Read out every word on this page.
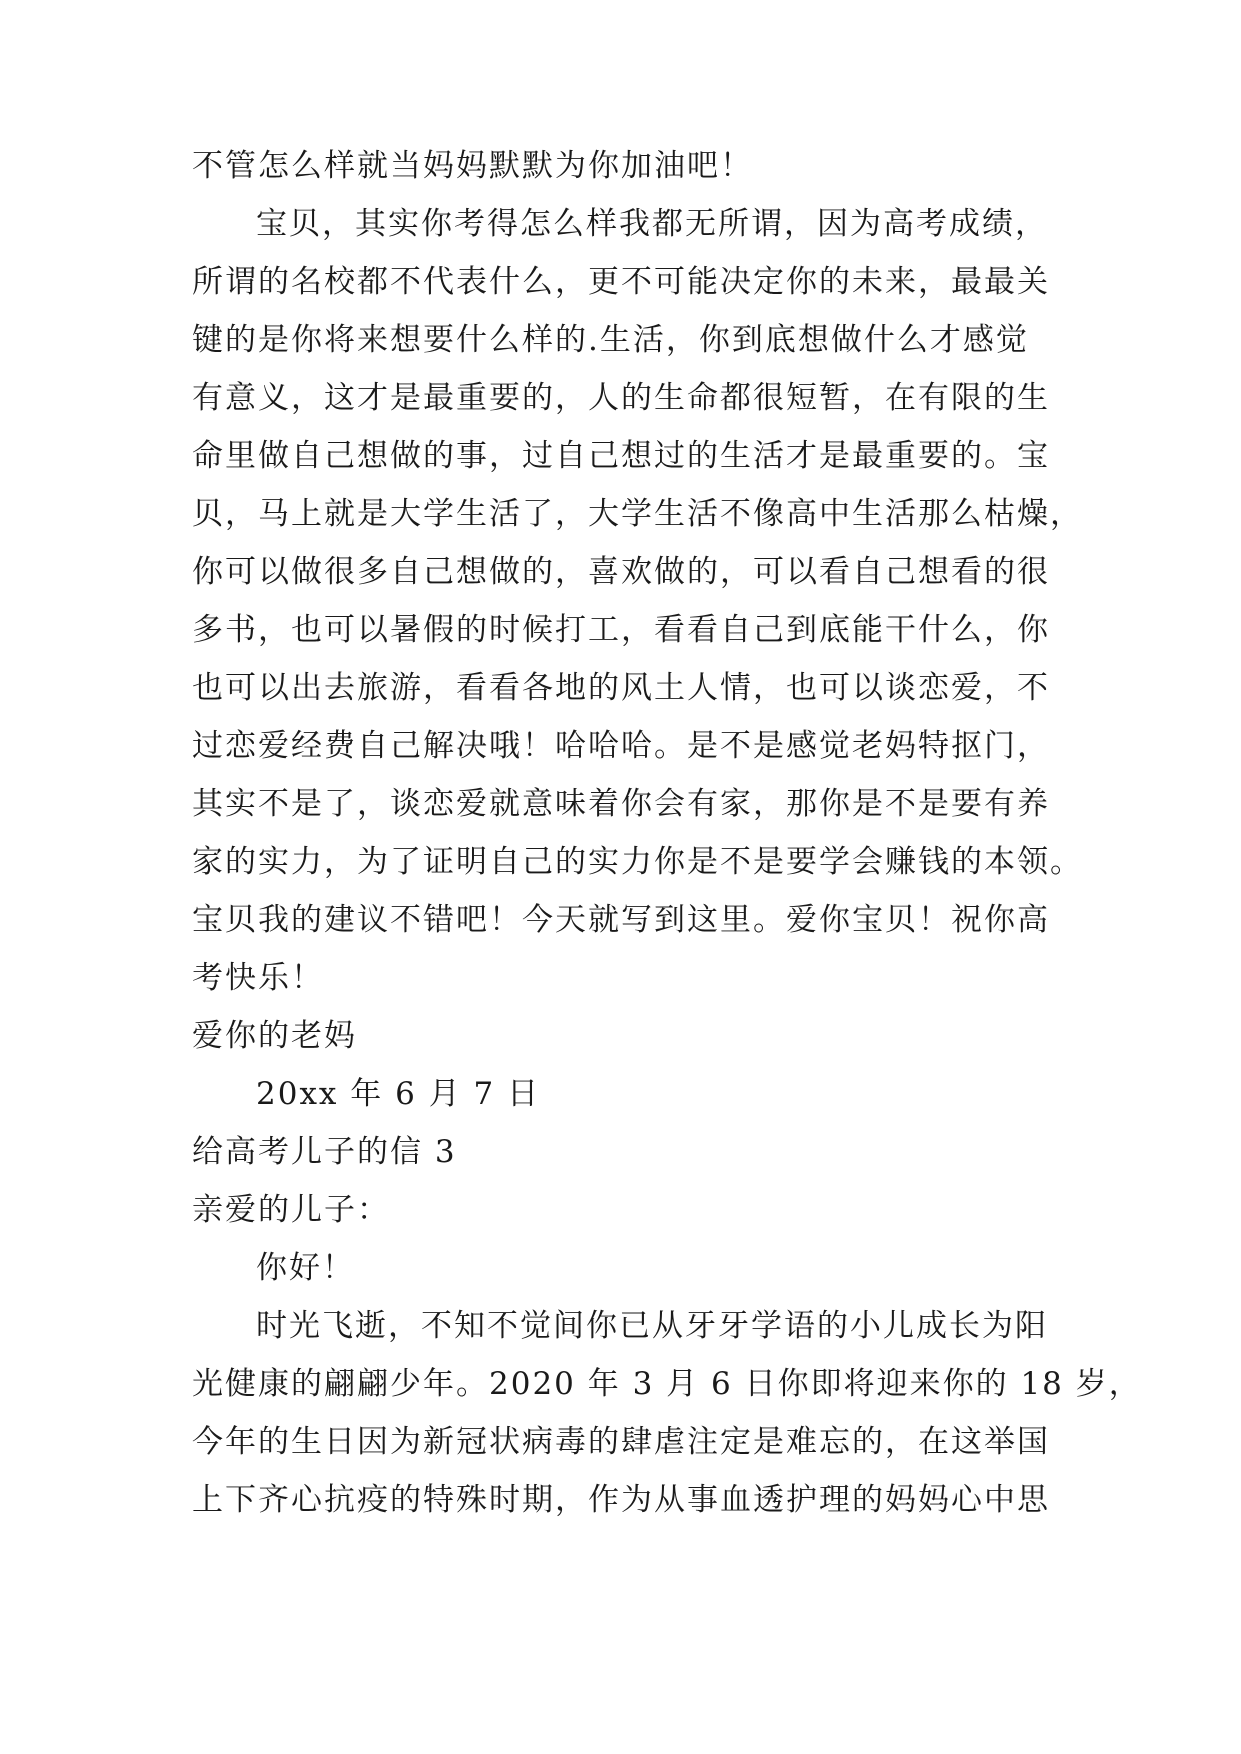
不管怎么样就当妈妈默默为你加油吧！
宝贝，其实你考得怎么样我都无所谓，因为高考成绩，
所谓的名校都不代表什么，更不可能决定你的未来，最最关
键的是你将来想要什么样的.生活，你到底想做什么才感觉
有意义，这才是最重要的，人的生命都很短暂，在有限的生
命里做自己想做的事，过自己想过的生活才是最重要的。宝
贝，马上就是大学生活了，大学生活不像高中生活那么枯燥，
你可以做很多自己想做的，喜欢做的，可以看自己想看的很
多书，也可以暑假的时候打工，看看自己到底能干什么，你
也可以出去旅游，看看各地的风土人情，也可以谈恋爱，不
过恋爱经费自己解决哦！哈哈哈。是不是感觉老妈特抠门，
其实不是了，谈恋爱就意味着你会有家，那你是不是要有养
家的实力，为了证明自己的实力你是不是要学会赚钱的本领。
宝贝我的建议不错吧！今天就写到这里。爱你宝贝！祝你高
考快乐！
爱你的老妈
20xx 年 6 月 7 日
给高考儿子的信 3
亲爱的儿子：
你好！
时光飞逝，不知不觉间你已从牙牙学语的小儿成长为阳
光健康的翩翩少年。2020 年 3 月 6 日你即将迎来你的 18 岁，
今年的生日因为新冠状病毒的肆虐注定是难忘的，在这举国
上下齐心抗疫的特殊时期，作为从事血透护理的妈妈心中思
